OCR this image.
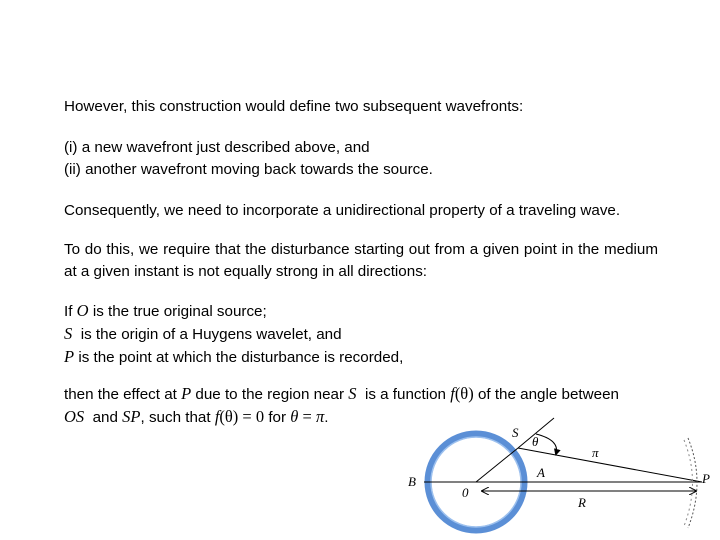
However, this construction would define two subsequent wavefronts:
(i) a new wavefront just described above, and
(ii) another wavefront moving back towards the source.
Consequently, we need to incorporate a unidirectional property of a traveling wave.
To do this, we require that the disturbance starting out from a given point in the medium at a given instant is not equally strong in all directions:
If O is the true original source;
S  is the origin of a Huygens wavelet, and
P is the point at which the disturbance is recorded,
then the effect at P due to the region near S  is a function f(θ) of the angle between
OS  and SP, such that f(θ) = 0 for θ = π.
S
θ
π
A
B
0
P
R
